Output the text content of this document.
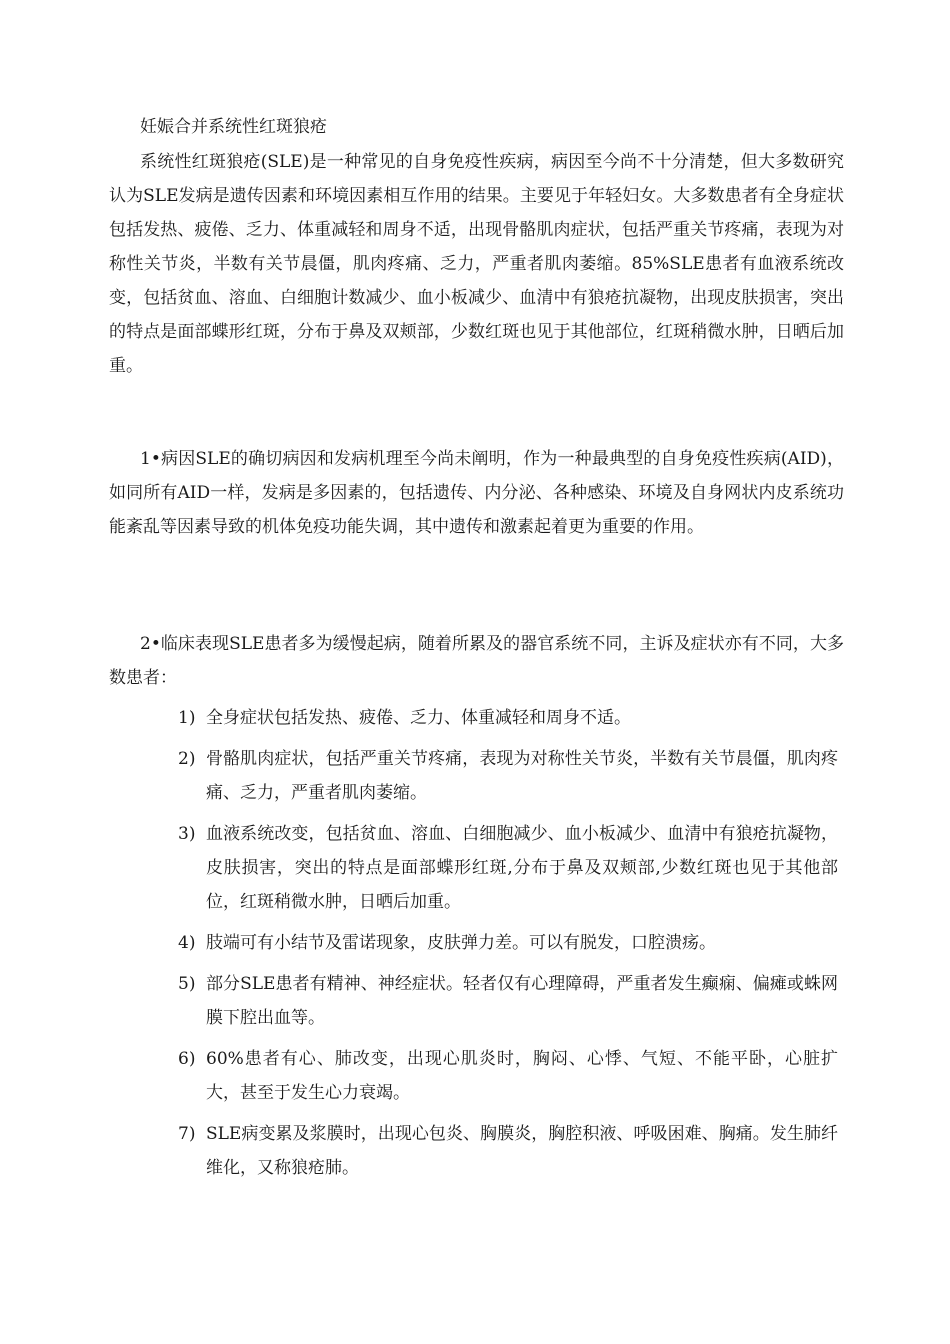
妊娠合并系统性红斑狼疮

系统性红斑狼疮(SLE)是一种常见的自身免疫性疾病，病因至今尚不十分清楚，但大多数研究认为SLE发病是遗传因素和环境因素相互作用的结果。主要见于年轻妇女。大多数患者有全身症状包括发热、疲倦、乏力、体重减轻和周身不适，出现骨骼肌肉症状，包括严重关节疼痛，表现为对称性关节炎，半数有关节晨僵，肌肉疼痛、乏力，严重者肌肉萎缩。85%SLE患者有血液系统改变，包括贫血、溶血、白细胞计数减少、血小板减少、血清中有狼疮抗凝物，出现皮肤损害，突出的特点是面部蝶形红斑，分布于鼻及双颊部，少数红斑也见于其他部位，红斑稍微水肿，日晒后加重。

1•病因SLE的确切病因和发病机理至今尚未阐明，作为一种最典型的自身免疫性疾病(AID)，如同所有AID一样，发病是多因素的，包括遗传、内分泌、各种感染、环境及自身网状内皮系统功能紊乱等因素导致的机体免疫功能失调，其中遗传和激素起着更为重要的作用。

2•临床表现SLE患者多为缓慢起病，随着所累及的器官系统不同，主诉及症状亦有不同，大多数患者：

1) 全身症状包括发热、疲倦、乏力、体重减轻和周身不适。
2) 骨骼肌肉症状，包括严重关节疼痛，表现为对称性关节炎，半数有关节晨僵，肌肉疼痛、乏力，严重者肌肉萎缩。
3) 血液系统改变，包括贫血、溶血、白细胞减少、血小板减少、血清中有狼疮抗凝物，皮肤损害，突出的特点是面部蝶形红斑,分布于鼻及双颊部,少数红斑也见于其他部位，红斑稍微水肿，日晒后加重。
4) 肢端可有小结节及雷诺现象，皮肤弹力差。可以有脱发，口腔溃疡。
5) 部分SLE患者有精神、神经症状。轻者仅有心理障碍，严重者发生癫痫、偏瘫或蛛网膜下腔出血等。
6) 60%患者有心、肺改变，出现心肌炎时，胸闷、心悸、气短、不能平卧，心脏扩大，甚至于发生心力衰竭。
7) SLE病变累及浆膜时，出现心包炎、胸膜炎，胸腔积液、呼吸困难、胸痛。发生肺纤维化，又称狼疮肺。
